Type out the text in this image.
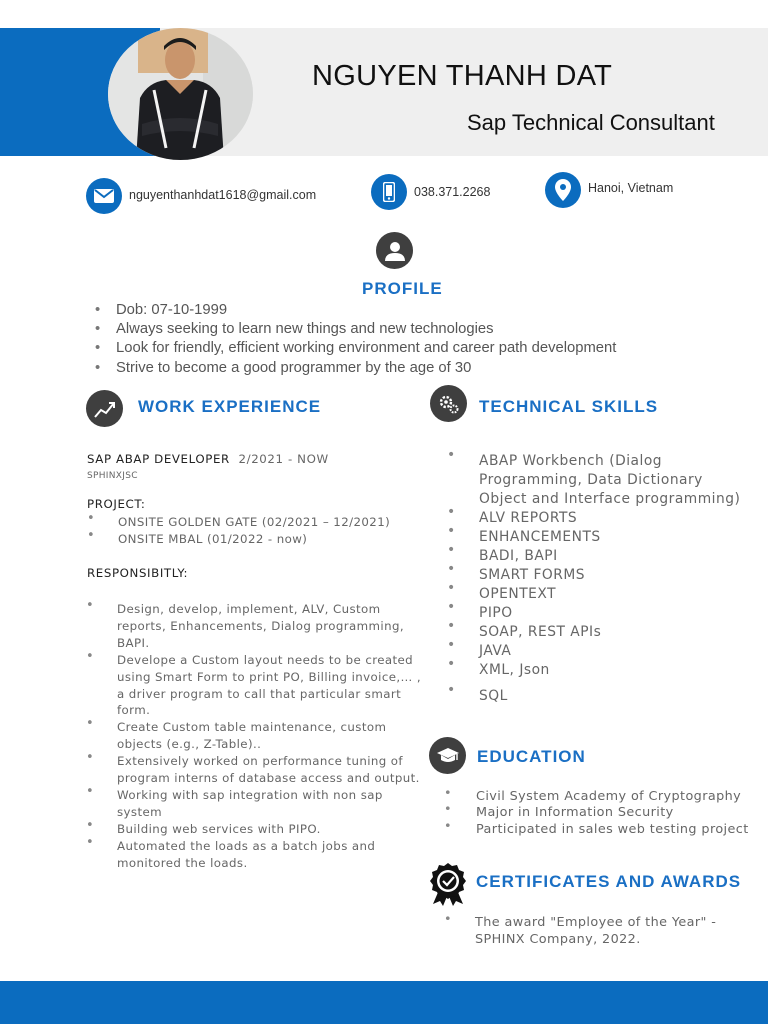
NGUYEN THANH DAT
Sap Technical Consultant
nguyenthanhdat1618@gmail.com	038.371.2268	Hanoi, Vietnam
PROFILE
• Dob: 07-10-1999
• Always seeking to learn new things and new technologies
• Look for friendly, efficient working environment and career path development
• Strive to become a good programmer by the age of 30
WORK EXPERIENCE
SAP ABAP DEVELOPER 2/2021 - NOW
SPHINXJSC
PROJECT:
• ONSITE GOLDEN GATE (02/2021 – 12/2021)
• ONSITE MBAL (01/2022 - now)
RESPONSIBITLY:
• Design, develop, implement, ALV, Custom reports, Enhancements, Dialog programming, BAPI.
• Develope a Custom layout needs to be created using Smart Form to print PO, Billing invoice,… , a driver program to call that particular smart form.
• Create Custom table maintenance, custom objects (e.g., Z-Table)..
• Extensively worked on performance tuning of program interns of database access and output.
• Working with sap integration with non sap system
• Building web services with PIPO.
• Automated the loads as a batch jobs and monitored the loads.
TECHNICAL SKILLS
• ABAP Workbench (Dialog Programming, Data Dictionary Object and Interface programming)
• ALV REPORTS
• ENHANCEMENTS
• BADI, BAPI
• SMART FORMS
• OPENTEXT
• PIPO
• SOAP, REST APIs
• JAVA
• XML, Json
• SQL
EDUCATION
• Civil System Academy of Cryptography
• Major in Information Security
• Participated in sales web testing project
CERTIFICATES AND AWARDS
• The award "Employee of the Year" - SPHINX Company, 2022.
